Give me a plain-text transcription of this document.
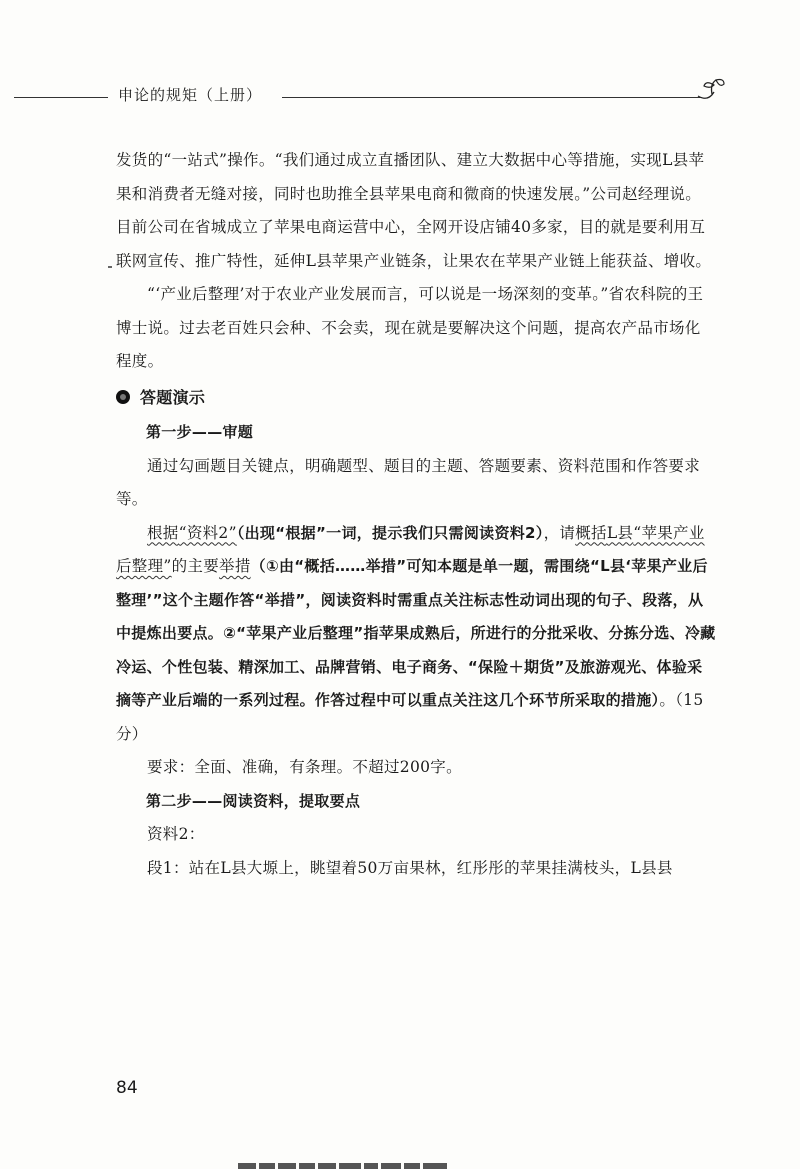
申论的规矩（上册）

发货的“一站式”操作。“我们通过成立直播团队、建立大数据中心等措施，实现L县苹果和消费者无缝对接，同时也助推全县苹果电商和微商的快速发展。”公司赵经理说。目前公司在省城成立了苹果电商运营中心，全网开设店铺40多家，目的就是要利用互联网宣传、推广特性，延伸L县苹果产业链条，让果农在苹果产业链上能获益、增收。

“‘产业后整理’对于农业产业发展而言，可以说是一场深刻的变革。”省农科院的王博士说。过去老百姓只会种、不会卖，现在就是要解决这个问题，提高农产品市场化程度。

答题演示

第一步——审题

通过勾画题目关键点，明确题型、题目的主题、答题要素、资料范围和作答要求等。

根据“资料2”（出现“根据”一词，提示我们只需阅读资料2），请概括L县“苹果产业后整理”的主要举措（①由“概括……举措”可知本题是单一题，需围绕“L县‘苹果产业后整理’”这个主题作答“举措”，阅读资料时需重点关注标志性动词出现的句子、段落，从中提炼出要点。②“苹果产业后整理”指苹果成熟后，所进行的分批采收、分拣分选、冷藏冷运、个性包装、精深加工、品牌营销、电子商务、“保险＋期货”及旅游观光、体验采摘等产业后端的一系列过程。作答过程中可以重点关注这几个环节所采取的措施）。（15分）

要求：全面、准确，有条理。不超过200字。

第二步——阅读资料，提取要点

资料2：

段1：站在L县大塬上，眺望着50万亩果林，红彤彤的苹果挂满枝头，L县县

84
